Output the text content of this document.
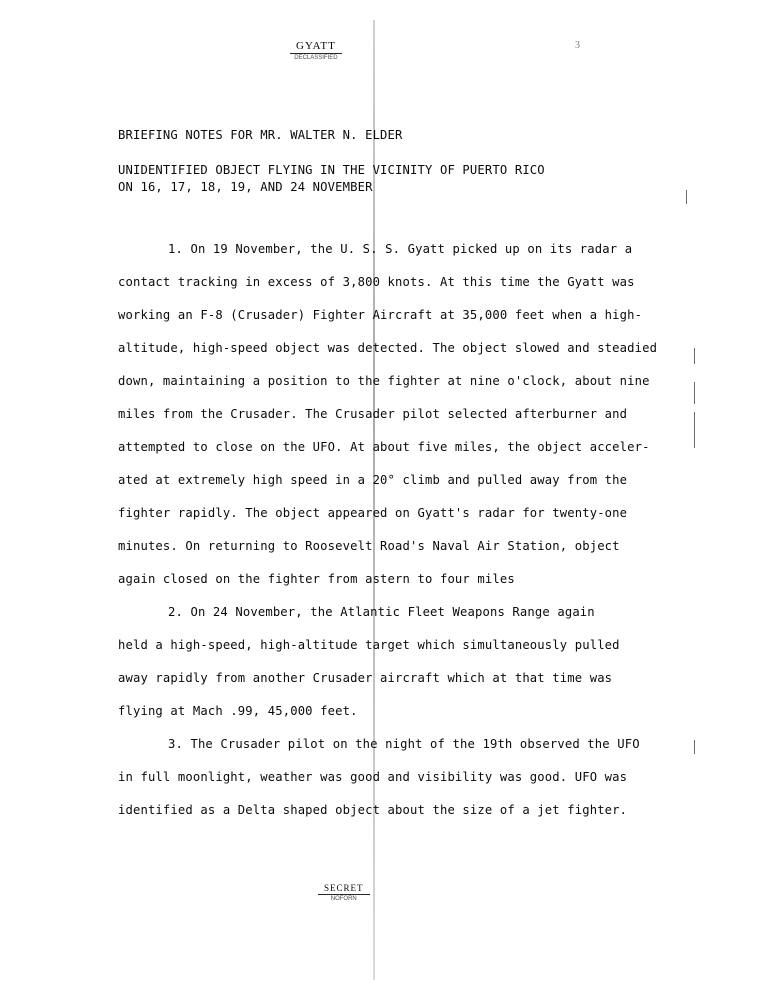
GYATT
DECLASSIFIED
3
BRIEFING NOTES FOR MR. WALTER N. ELDER
UNIDENTIFIED OBJECT FLYING IN THE VICINITY OF PUERTO RICO
ON 16, 17, 18, 19, AND 24 NOVEMBER
1. On 19 November, the U. S. S. Gyatt picked up on its radar a
contact tracking in excess of 3,800 knots. At this time the Gyatt was
working an F-8 (Crusader) Fighter Aircraft at 35,000 feet when a high-
altitude, high-speed object was detected. The object slowed and steadied
down, maintaining a position to the fighter at nine o'clock, about nine
miles from the Crusader. The Crusader pilot selected afterburner and
attempted to close on the UFO. At about five miles, the object acceler-
ated at extremely high speed in a 20° climb and pulled away from the
fighter rapidly. The object appeared on Gyatt's radar for twenty-one
minutes. On returning to Roosevelt Road's Naval Air Station, object
again closed on the fighter from astern to four miles
2. On 24 November, the Atlantic Fleet Weapons Range again
held a high-speed, high-altitude target which simultaneously pulled
away rapidly from another Crusader aircraft which at that time was
flying at Mach .99, 45,000 feet.
3. The Crusader pilot on the night of the 19th observed the UFO
in full moonlight, weather was good and visibility was good. UFO was
identified as a Delta shaped object about the size of a jet fighter.
SECRET
NOFORN
